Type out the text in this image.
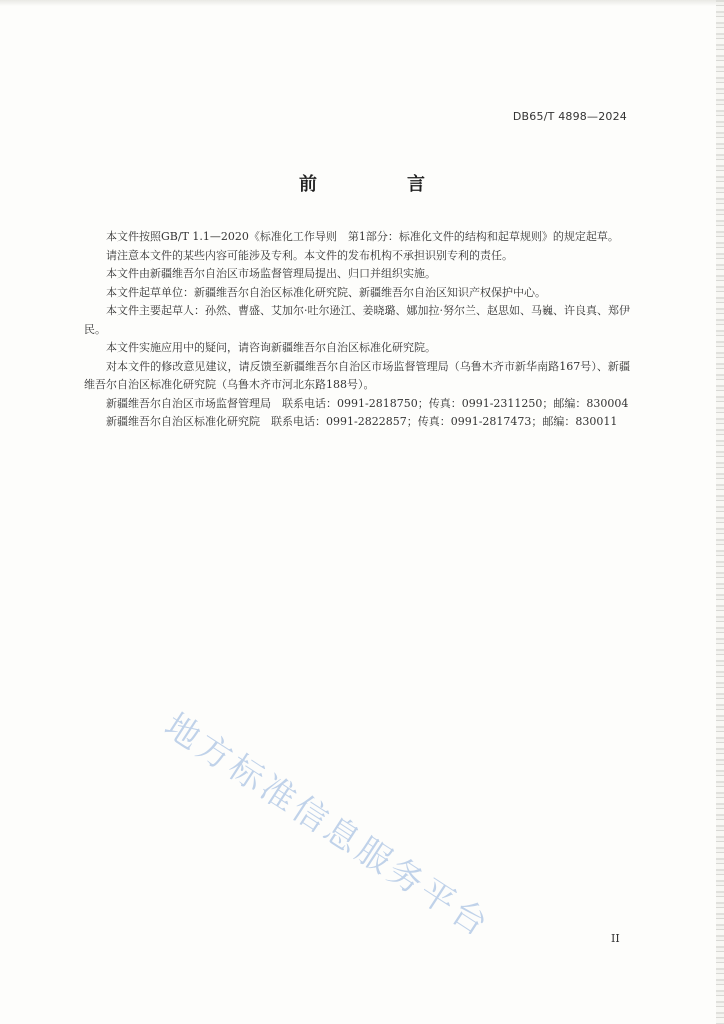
DB65/T 4898—2024
前　言

本文件按照GB/T 1.1—2020《标准化工作导则　第1部分：标准化文件的结构和起草规则》的规定起草。

请注意本文件的某些内容可能涉及专利。本文件的发布机构不承担识别专利的责任。

本文件由新疆维吾尔自治区市场监督管理局提出、归口并组织实施。

本文件起草单位：新疆维吾尔自治区标准化研究院、新疆维吾尔自治区知识产权保护中心。

本文件主要起草人：孙然、曹盛、艾加尔·吐尔逊江、姜晓璐、娜加拉·努尔兰、赵思如、马巍、许良真、郑伊民。

本文件实施应用中的疑问，请咨询新疆维吾尔自治区标准化研究院。

对本文件的修改意见建议，请反馈至新疆维吾尔自治区市场监督管理局（乌鲁木齐市新华南路167号）、新疆维吾尔自治区标准化研究院（乌鲁木齐市河北东路188号）。

新疆维吾尔自治区市场监督管理局　联系电话：0991-2818750；传真：0991-2311250；邮编：830004

新疆维吾尔自治区标准化研究院　联系电话：0991-2822857；传真：0991-2817473；邮编：830011

地方标准信息服务平台	II
